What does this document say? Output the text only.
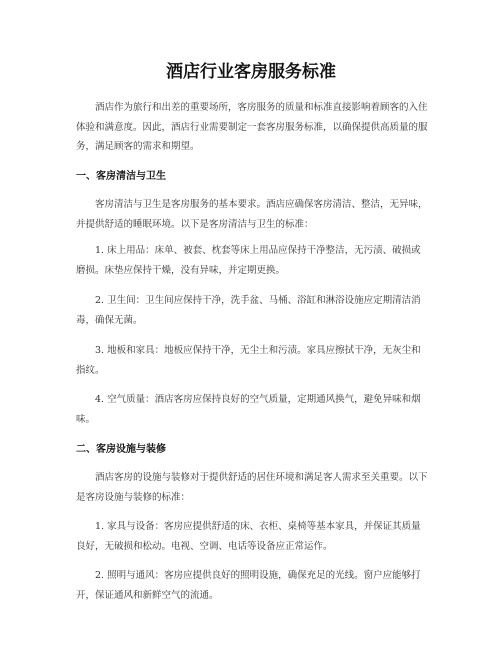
酒店行业客房服务标准

酒店作为旅行和出差的重要场所，客房服务的质量和标准直接影响着顾客的入住体验和满意度。因此，酒店行业需要制定一套客房服务标准，以确保提供高质量的服务，满足顾客的需求和期望。

一、客房清洁与卫生

客房清洁与卫生是客房服务的基本要求。酒店应确保客房清洁、整洁，无异味，并提供舒适的睡眠环境。以下是客房清洁与卫生的标准：

1. 床上用品：床单、被套、枕套等床上用品应保持干净整洁，无污渍、破损或磨损。床垫应保持干燥，没有异味，并定期更换。

2. 卫生间：卫生间应保持干净，洗手盆、马桶、浴缸和淋浴设施应定期清洁消毒，确保无菌。

3. 地板和家具：地板应保持干净，无尘土和污渍。家具应擦拭干净，无灰尘和指纹。

4. 空气质量：酒店客房应保持良好的空气质量，定期通风换气，避免异味和烟味。

二、客房设施与装修

酒店客房的设施与装修对于提供舒适的居住环境和满足客人需求至关重要。以下是客房设施与装修的标准：

1. 家具与设备：客房应提供舒适的床、衣柜、桌椅等基本家具，并保证其质量良好，无破损和松动。电视、空调、电话等设备应正常运作。

2. 照明与通风：客房应提供良好的照明设施，确保充足的光线。窗户应能够打开，保证通风和新鲜空气的流通。
